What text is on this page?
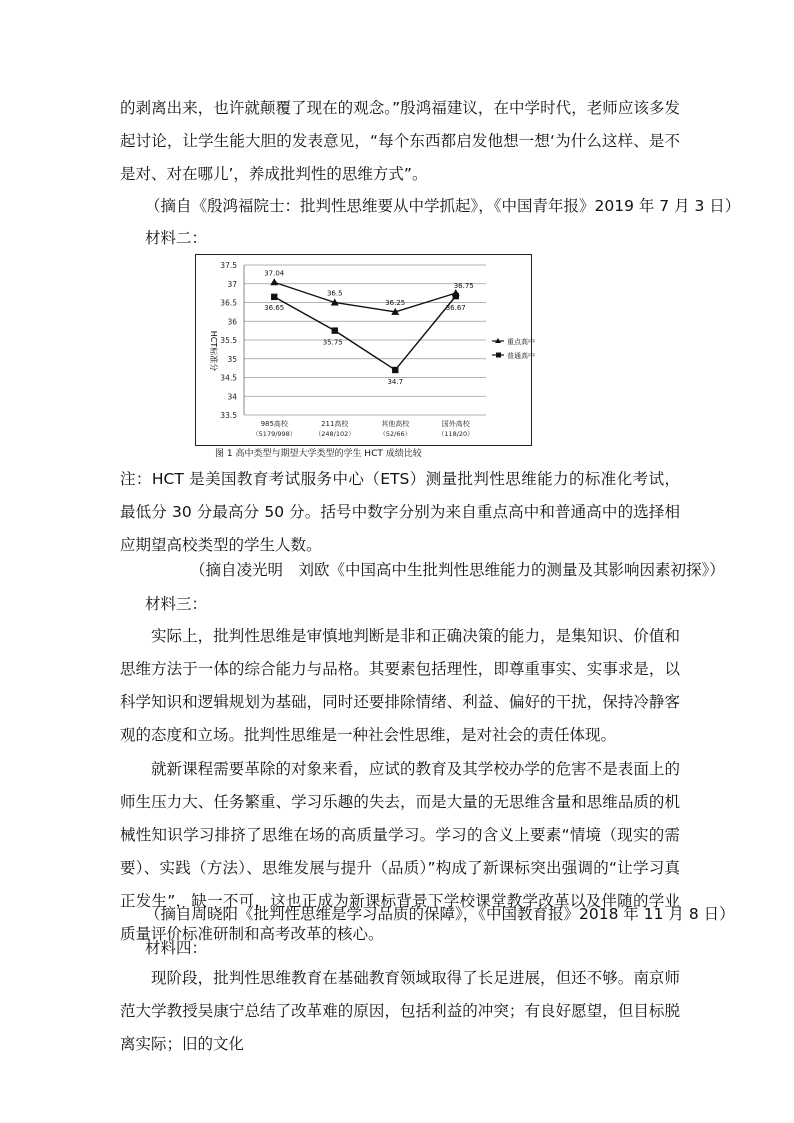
的剥离出来，也许就颠覆了现在的观念。”殷鸿福建议，在中学时代，老师应该多发起讨论，让学生能大胆的发表意见，“每个东西都启发他想一想‘为什么这样、是不是对、对在哪儿’，养成批判性的思维方式”。

（摘自《殷鸿福院士：批判性思维要从中学抓起》，《中国青年报》2019 年 7 月 3 日）

材料二：

37.5
37
36.5
36
35.5
35
34.5
34
33.5
HCT标准分
985高校
（5179/998）
211高校
（248/102）
其他高校
（52/66）
国外高校
（118/20）
37.04
36.5
36.25
36.75
36.65
35.75
34.7
36.67
重点高中
普通高中
图 1 高中类型与期望大学类型的学生 HCT 成绩比较

注：HCT 是美国教育考试服务中心（ETS）测量批判性思维能力的标准化考试，最低分 30 分最高分 50 分。括号中数字分别为来自重点高中和普通高中的选择相应期望高校类型的学生人数。

（摘自凌光明　刘欧《中国高中生批判性思维能力的测量及其影响因素初探》）

材料三：

实际上，批判性思维是审慎地判断是非和正确决策的能力，是集知识、价值和思维方法于一体的综合能力与品格。其要素包括理性，即尊重事实、实事求是，以科学知识和逻辑规划为基础，同时还要排除情绪、利益、偏好的干扰，保持冷静客观的态度和立场。批判性思维是一种社会性思维，是对社会的责任体现。

就新课程需要革除的对象来看，应试的教育及其学校办学的危害不是表面上的师生压力大、任务繁重、学习乐趣的失去，而是大量的无思维含量和思维品质的机械性知识学习排挤了思维在场的高质量学习。学习的含义上要素“情境（现实的需要）、实践（方法）、思维发展与提升（品质）”构成了新课标突出强调的“让学习真正发生”，缺一不可，这也正成为新课标背景下学校课堂教学改革以及伴随的学业质量评价标准研制和高考改革的核心。

（摘自周晓阳《批判性思维是学习品质的保障》，《中国教育报》2018 年 11 月 8 日）

材料四：

现阶段，批判性思维教育在基础教育领域取得了长足进展，但还不够。南京师范大学教授吴康宁总结了改革难的原因，包括利益的冲突；有良好愿望，但目标脱离实际；旧的文化
